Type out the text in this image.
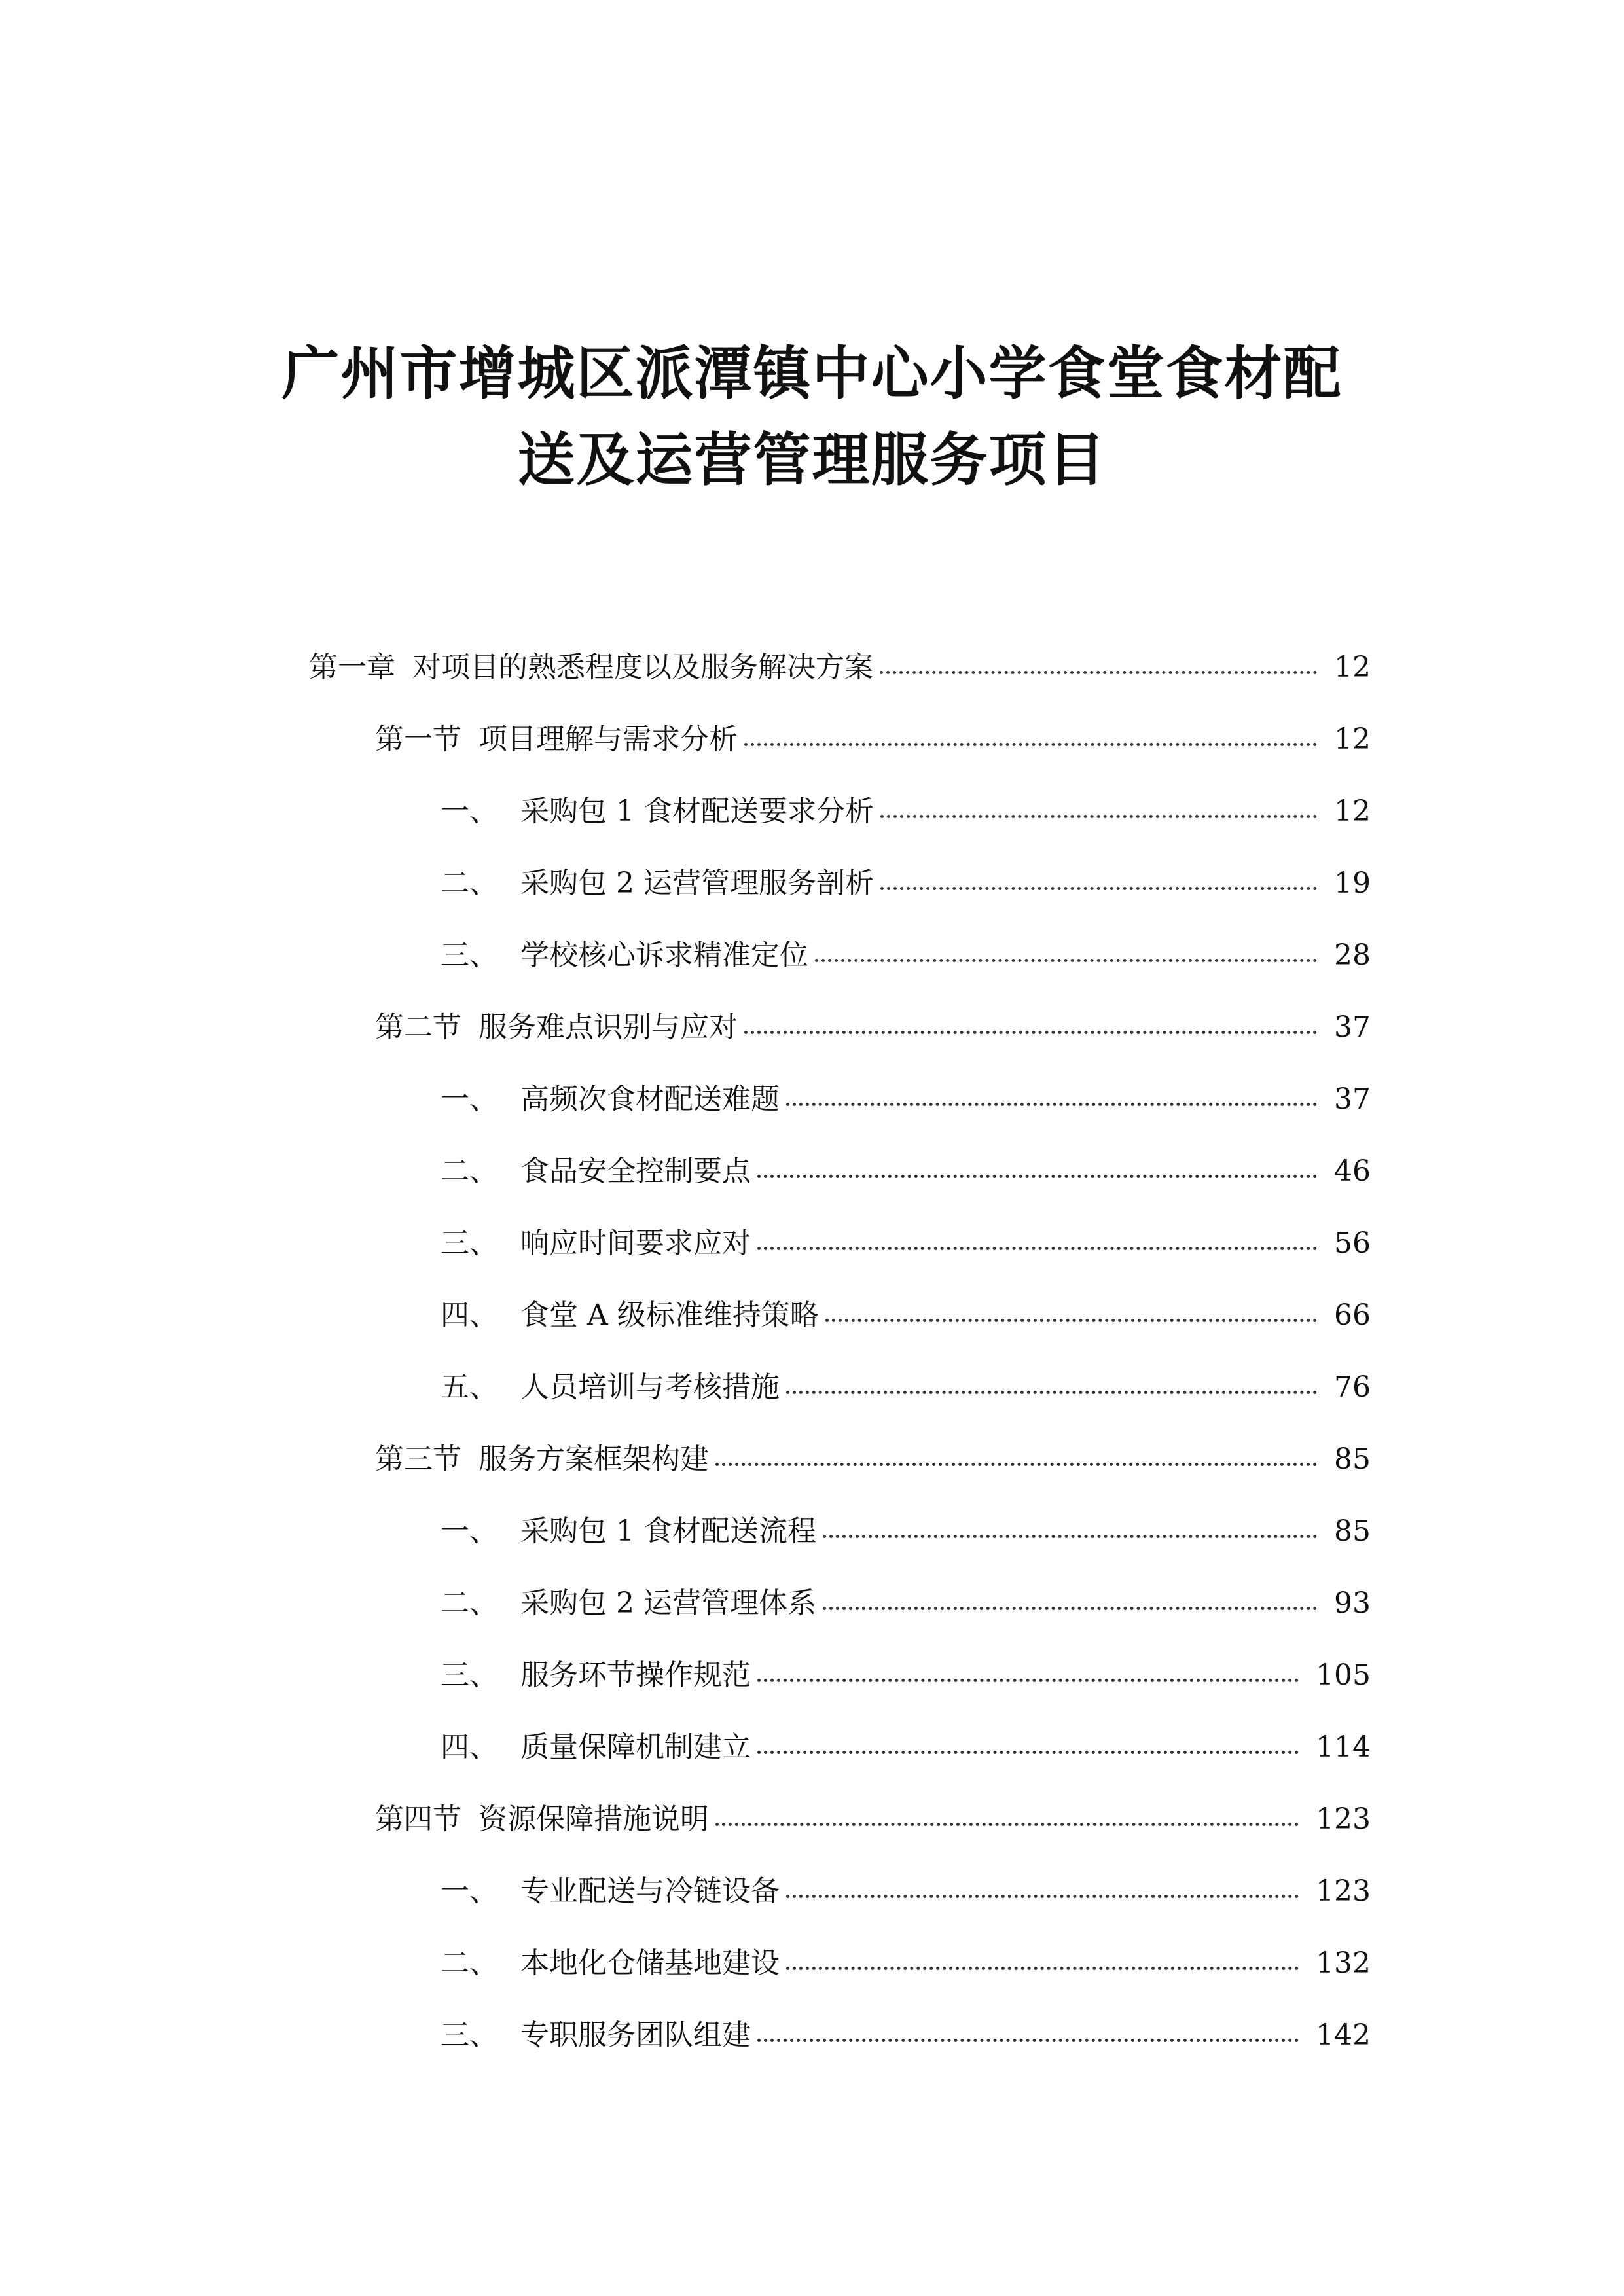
广州市增城区派潭镇中心小学食堂食材配
送及运营管理服务项目
第一章 对项目的熟悉程度以及服务解决方案	12
第一节 项目理解与需求分析	12
一、 采购包 1 食材配送要求分析	12
二、 采购包 2 运营管理服务剖析	19
三、 学校核心诉求精准定位	28
第二节 服务难点识别与应对	37
一、 高频次食材配送难题	37
二、 食品安全控制要点	46
三、 响应时间要求应对	56
四、 食堂 A 级标准维持策略	66
五、 人员培训与考核措施	76
第三节 服务方案框架构建	85
一、 采购包 1 食材配送流程	85
二、 采购包 2 运营管理体系	93
三、 服务环节操作规范	105
四、 质量保障机制建立	114
第四节 资源保障措施说明	123
一、 专业配送与冷链设备	123
二、 本地化仓储基地建设	132
三、 专职服务团队组建	142
